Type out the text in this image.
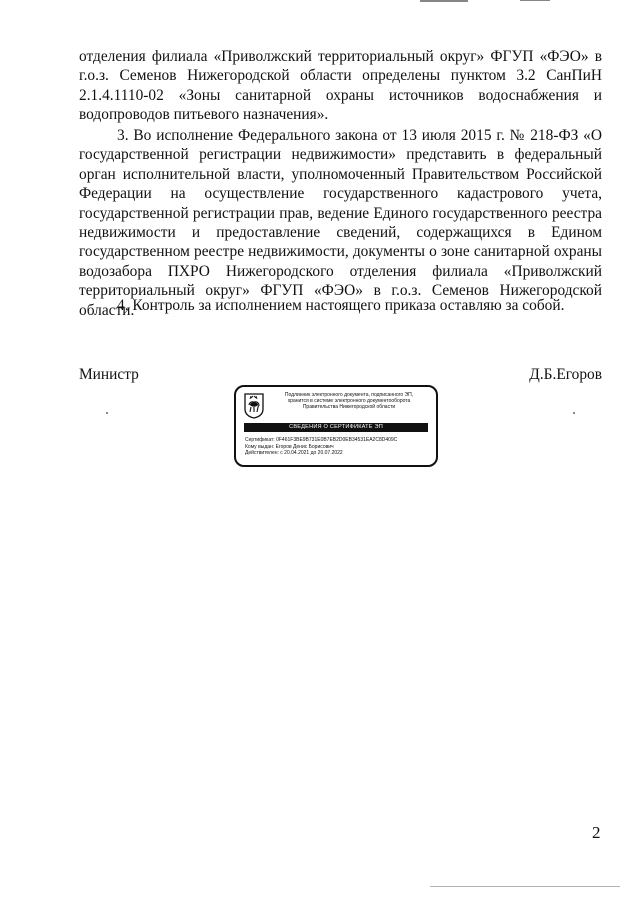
отделения филиала «Приволжский территориальный округ» ФГУП «ФЭО» в г.о.з. Семенов Нижегородской области определены пунктом 3.2 СанПиН 2.1.4.1110-02 «Зоны санитарной охраны источников водоснабжения и водопроводов питьевого назначения».

3. Во исполнение Федерального закона от 13 июля 2015 г. № 218-ФЗ «О государственной регистрации недвижимости» представить в федеральный орган исполнительной власти, уполномоченный Правительством Российской Федерации на осуществление государственного кадастрового учета, государственной регистрации прав, ведение Единого государственного реестра недвижимости и предоставление сведений, содержащихся в Едином государственном реестре недвижимости, документы о зоне санитарной охраны водозабора ПХРО Нижегородского отделения филиала «Приволжский территориальный округ» ФГУП «ФЭО» в г.о.з. Семенов Нижегородской области.

4. Контроль за исполнением настоящего приказа оставляю за собой.

Министр	Д.Б.Егоров
Подлинник электронного документа, подписанного ЭП,
хранится в системе электронного документооборота
Правительства Нижегородской области
СВЕДЕНИЯ О СЕРТИФИКАТЕ ЭП
Сертификат: 0F461F3BE9B731E0B7EB2D0EB34531EA2C8D409C
Кому выдан: Егоров Денис Борисович
Действителен: с 20.04.2021 до 20.07.2022
2
